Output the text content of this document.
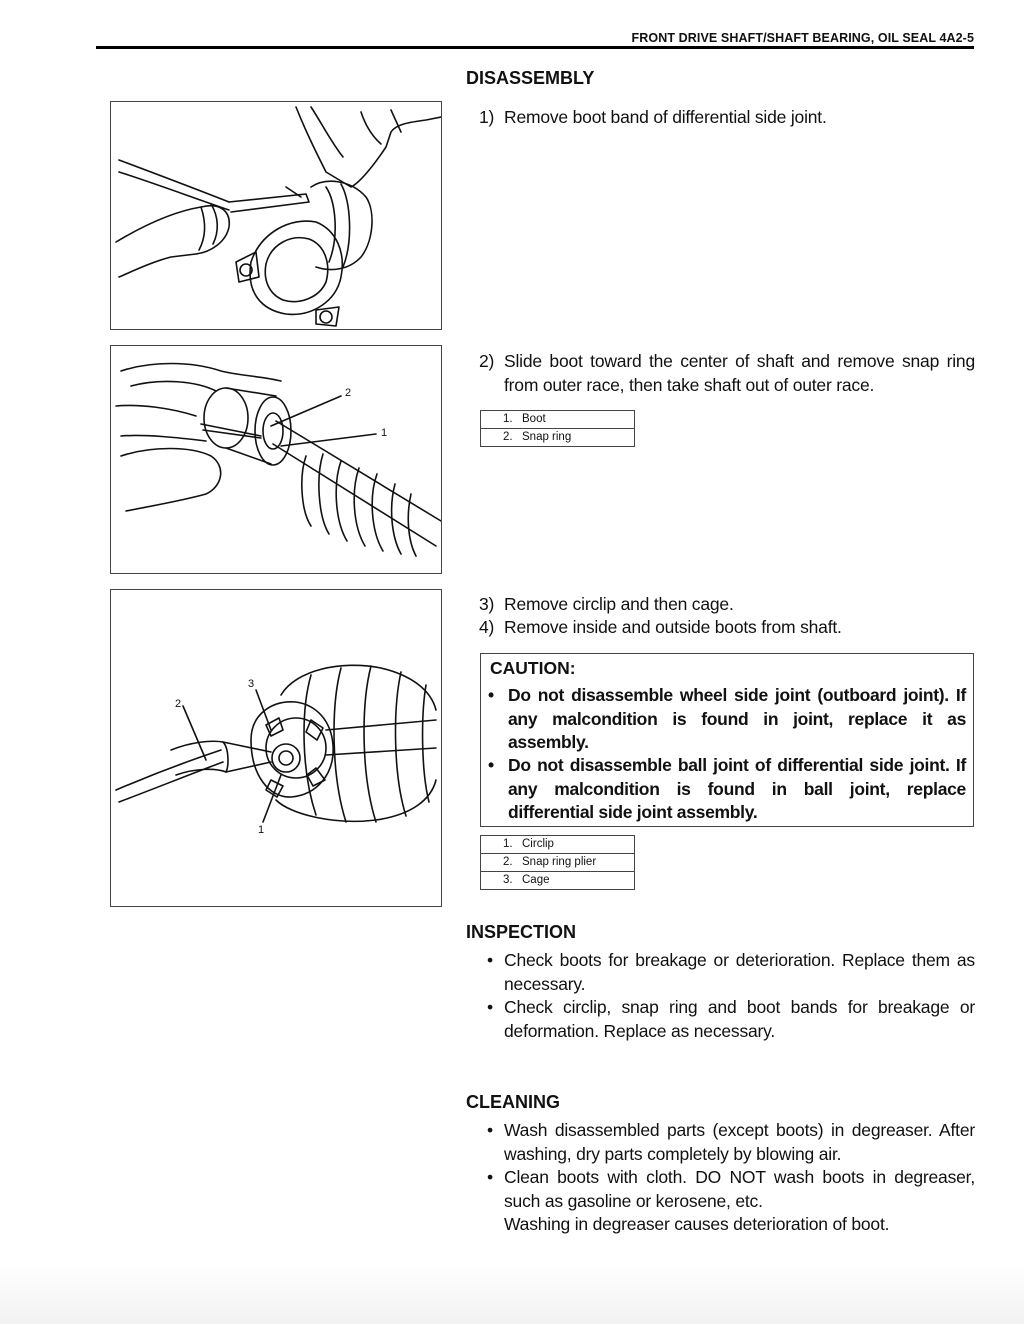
FRONT DRIVE SHAFT/SHAFT BEARING, OIL SEAL 4A2-5
DISASSEMBLY
1) Remove boot band of differential side joint.
2) Slide boot toward the center of shaft and remove snap ring from outer race, then take shaft out of outer race.
1. Boot
2. Snap ring
2
1
3) Remove circlip and then cage.
4) Remove inside and outside boots from shaft.
CAUTION:
• Do not disassemble wheel side joint (outboard joint). If any malcondition is found in joint, replace it as assembly.
• Do not disassemble ball joint of differential side joint. If any malcondition is found in ball joint, replace differential side joint assembly.
1. Circlip
2. Snap ring plier
3. Cage
3
2
1
INSPECTION
• Check boots for breakage or deterioration. Replace them as necessary.
• Check circlip, snap ring and boot bands for breakage or deformation. Replace as necessary.
CLEANING
• Wash disassembled parts (except boots) in degreaser. After washing, dry parts completely by blowing air.
• Clean boots with cloth. DO NOT wash boots in degreaser, such as gasoline or kerosene, etc.
Washing in degreaser causes deterioration of boot.
